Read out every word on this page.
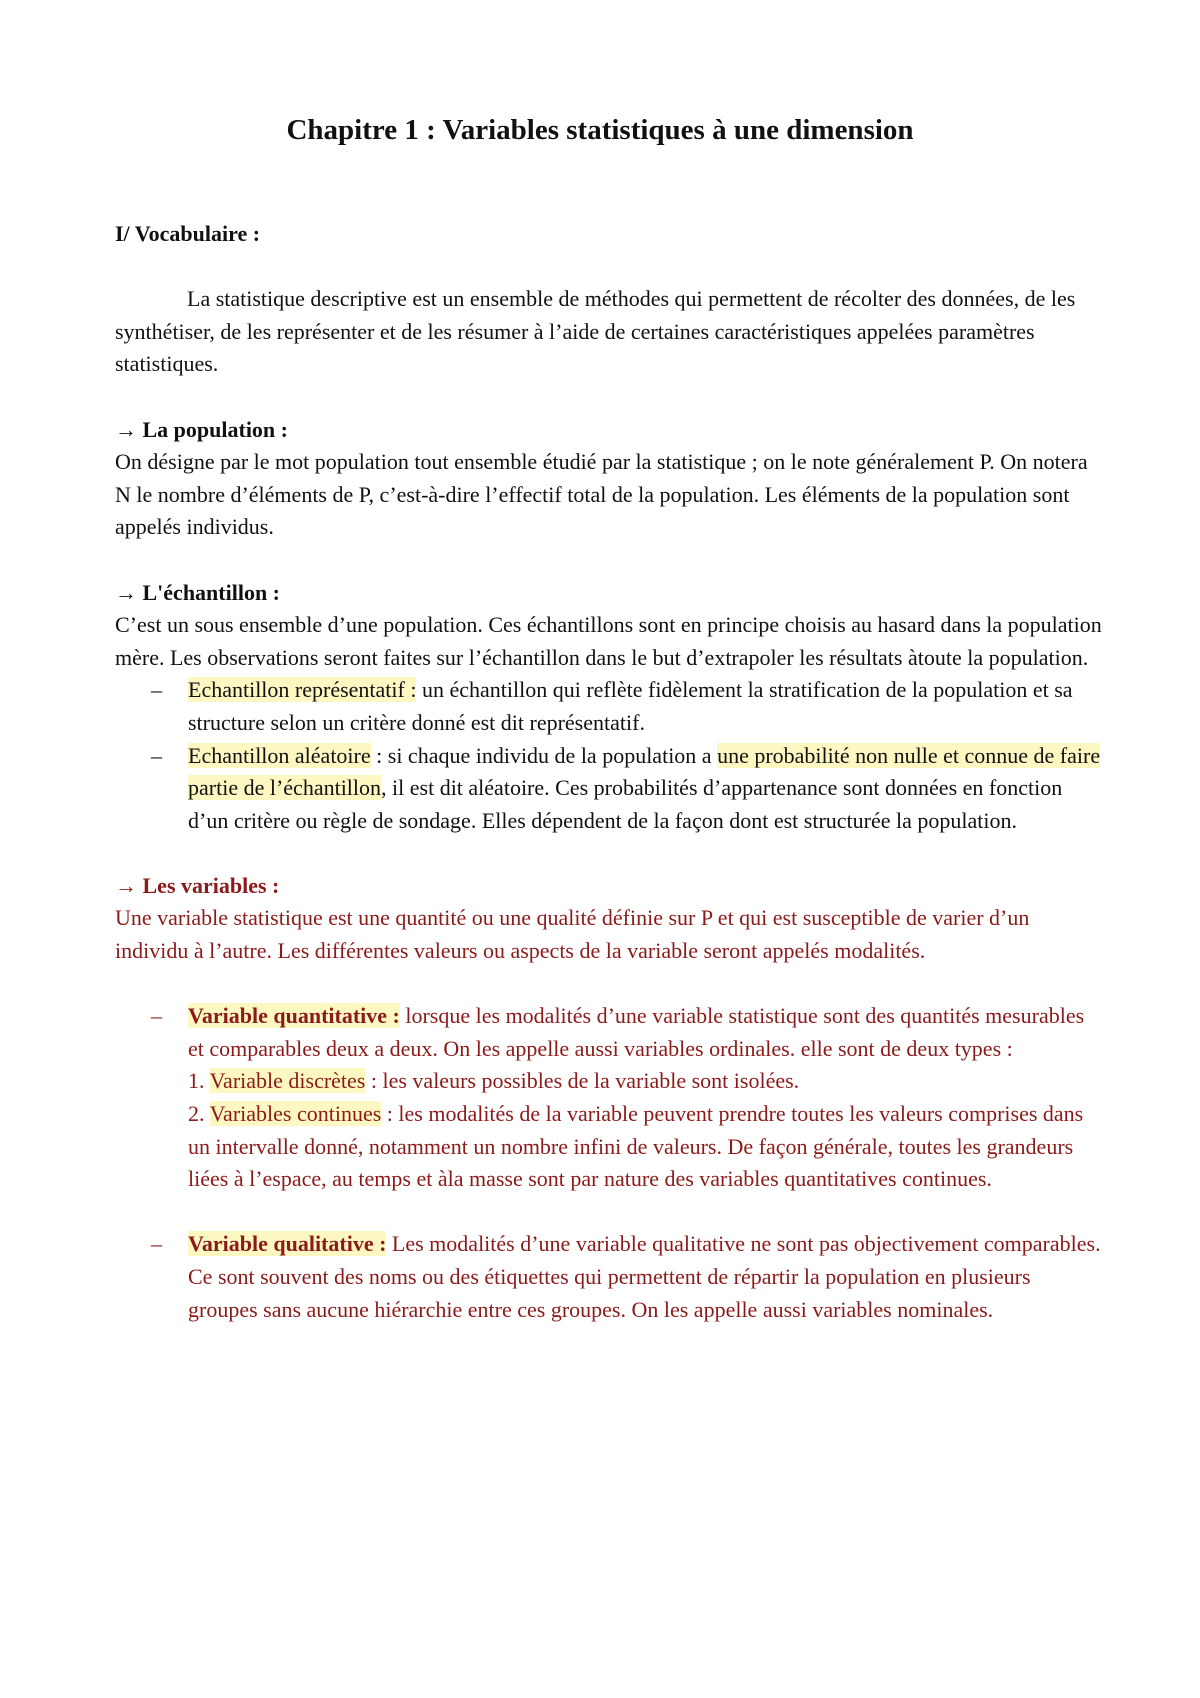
Chapitre 1 : Variables statistiques à une dimension

I/ Vocabulaire :

La statistique descriptive est un ensemble de méthodes qui permettent de récolter des données, de les synthétiser, de les représenter et de les résumer à l’aide de certaines caractéristiques appelées paramètres statistiques.

→ La population :

On désigne par le mot population tout ensemble étudié par la statistique ; on le note généralement P. On notera N le nombre d’éléments de P, c’est-à-dire l’effectif total de la population. Les éléments de la population sont appelés individus.

→ L'échantillon :

C’est un sous ensemble d’une population. Ces échantillons sont en principe choisis au hasard dans la population mère. Les observations seront faites sur l’échantillon dans le but d’extrapoler les résultats àtoute la population.

– Echantillon représentatif : un échantillon qui reflète fidèlement la stratification de la population et sa structure selon un critère donné est dit représentatif.
– Echantillon aléatoire : si chaque individu de la population a une probabilité non nulle et connue de faire partie de l’échantillon, il est dit aléatoire. Ces probabilités d’appartenance sont données en fonction d’un critère ou règle de sondage. Elles dépendent de la façon dont est structurée la population.

→ Les variables :

Une variable statistique est une quantité ou une qualité définie sur P et qui est susceptible de varier d’un individu à l’autre. Les différentes valeurs ou aspects de la variable seront appelés modalités.

– Variable quantitative : lorsque les modalités d’une variable statistique sont des quantités mesurables et comparables deux a deux. On les appelle aussi variables ordinales. elle sont de deux types :
1. Variable discrètes : les valeurs possibles de la variable sont isolées.
2. Variables continues : les modalités de la variable peuvent prendre toutes les valeurs comprises dans un intervalle donné, notamment un nombre infini de valeurs. De façon générale, toutes les grandeurs liées à l’espace, au temps et àla masse sont par nature des variables quantitatives continues.
– Variable qualitative : Les modalités d’une variable qualitative ne sont pas objectivement comparables. Ce sont souvent des noms ou des étiquettes qui permettent de répartir la population en plusieurs groupes sans aucune hiérarchie entre ces groupes. On les appelle aussi variables nominales.
